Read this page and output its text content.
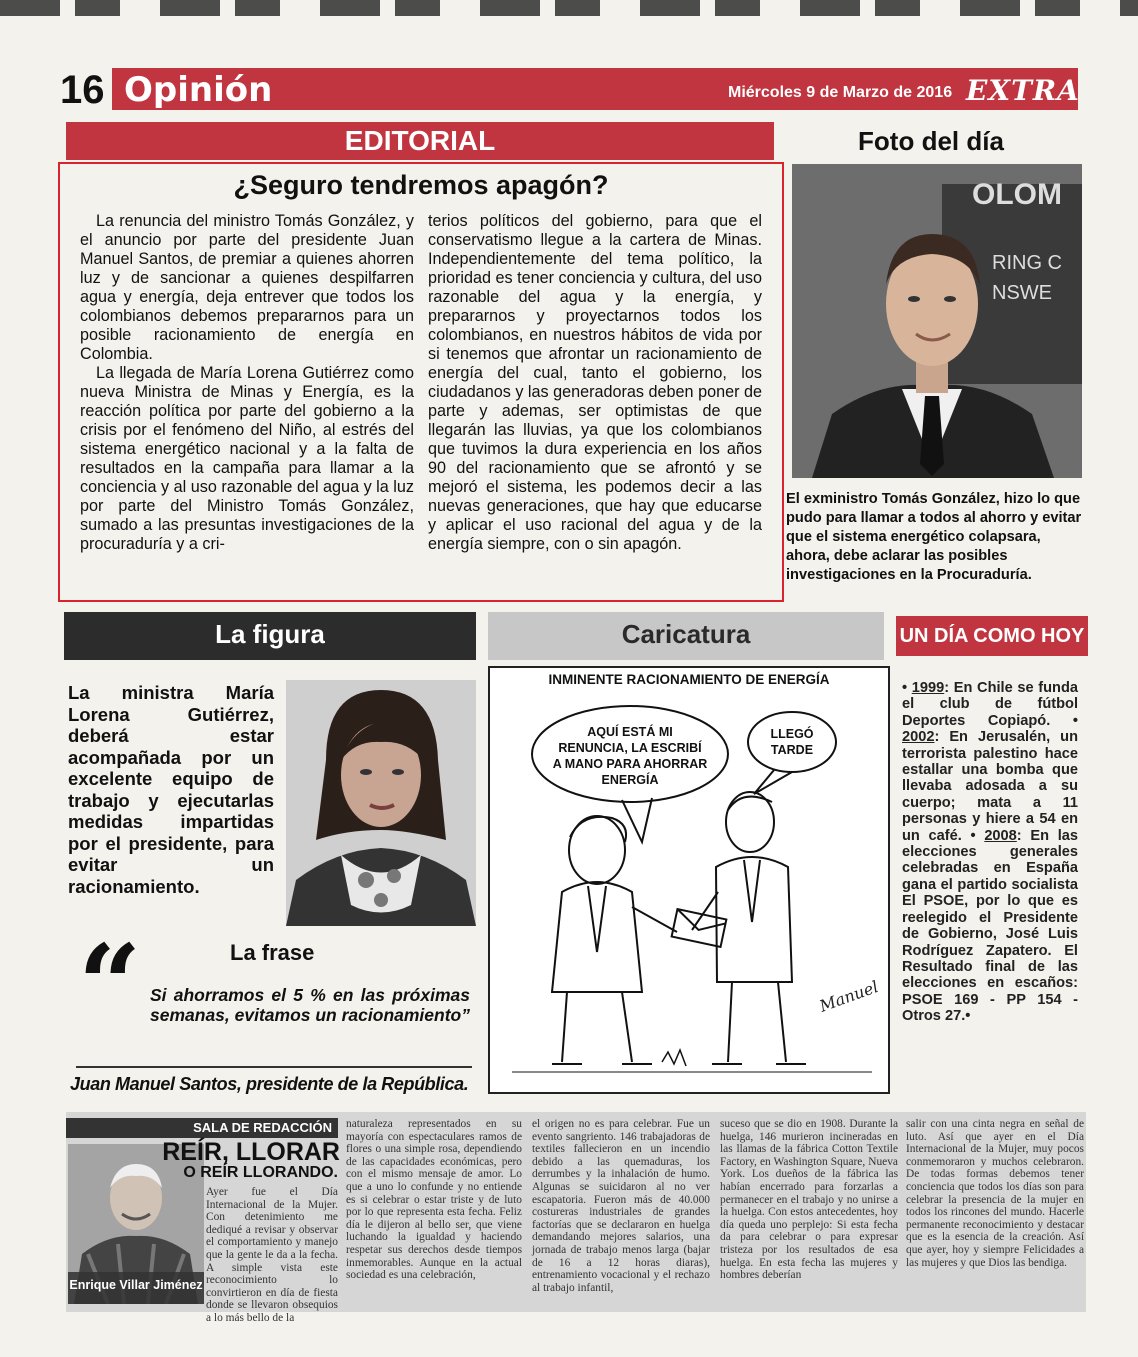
16 Opinión	Miércoles 9 de Marzo de 2016 EXTRA
EDITORIAL
¿Seguro tendremos apagón?

La renuncia del ministro Tomás González, y el anuncio por parte del presidente Juan Manuel Santos, de premiar a quienes ahorren luz y de sancionar a quienes despilfarren agua y energía, deja entrever que todos los colombianos debemos prepararnos para un posible racionamiento de energía en Colombia.

La llegada de María Lorena Gutiérrez como nueva Ministra de Minas y Energía, es la reacción política por parte del gobierno a la crisis por el fenómeno del Niño, al estrés del sistema energético nacional y a la falta de resultados en la campaña para llamar a la conciencia y al uso razonable del agua y la luz por parte del Ministro Tomás González, sumado a las presuntas investigaciones de la procuraduría y a cri-

terios políticos del gobierno, para que el conservatismo llegue a la cartera de Minas. Independientemente del tema político, la prioridad es tener conciencia y cultura, del uso razonable del agua y la energía, y prepararnos y proyectarnos todos los colombianos, en nuestros hábitos de vida por si tenemos que afrontar un racionamiento de energía del cual, tanto el gobierno, los ciudadanos y las generadoras deben poner de parte y ademas, ser optimistas de que llegarán las lluvias, ya que los colombianos que tuvimos la dura experiencia en los años 90 del racionamiento que se afrontó y se mejoró el sistema, les podemos decir a las nuevas generaciones, que hay que educarse y aplicar el uso racional del agua y de la energía siempre, con o sin apagón.
Foto del día
OLOM
RING C
NSWE
El exministro Tomás González, hizo lo que pudo para llamar a todos al ahorro y evitar que el sistema energético colapsara, ahora, debe aclarar las posibles investigaciones en la Procuraduría.
La figura
La ministra María Lorena Gutiérrez, deberá estar acompañada por un excelente equipo de trabajo y ejecutarlas medidas impartidas por el presidente, para evitar un racionamiento.
“	La frase
Si ahorramos el 5 % en las próximas semanas, evitamos un racionamiento”
Juan Manuel Santos, presidente de la República.
Caricatura
INMINENTE RACIONAMIENTO DE ENERGÍA
AQUÍ ESTÁ MI
RENUNCIA, LA ESCRIBÍ
A MANO PARA AHORRAR
ENERGÍA
LLEGÓ
TARDE
Manuel
UN DÍA COMO HOY
• 1999: En Chile se funda el club de fútbol Deportes Copiapó. • 2002: En Jerusalén, un terrorista palestino hace estallar una bomba que llevaba adosada a su cuerpo; mata a 11 personas y hiere a 54 en un café. • 2008: En las elecciones generales celebradas en España gana el partido socialista El PSOE, por lo que es reelegido el Presidente de Gobierno, José Luis Rodríguez Zapatero. El Resultado final de las elecciones en escaños: PSOE 169 - PP 154 - Otros 27.•
SALA DE REDACCIÓN
Enrique Villar Jiménez
REÍR, LLORAR
O REÍR LLORANDO.
Ayer fue el Día Internacional de la Mujer. Con detenimiento me dediqué a revisar y observar el comportamiento y manejo que la gente le da a la fecha. A simple vista este reconocimiento lo convirtieron en día de fiesta donde se llevaron obsequios a lo más bello de la
naturaleza representados en su mayoría con espectaculares ramos de flores o una simple rosa, dependiendo de las capacidades económicas, pero con el mismo mensaje de amor. Lo que a uno lo confunde y no entiende es si celebrar o estar triste y de luto por lo que representa esta fecha. Feliz día le dijeron al bello ser, que viene luchando la igualdad y haciendo respetar sus derechos desde tiempos inmemorables. Aunque en la actual sociedad es una celebración,
el origen no es para celebrar. Fue un evento sangriento. 146 trabajadoras de textiles fallecieron en un incendio debido a las quemaduras, los derrumbes y la inhalación de humo. Algunas se suicidaron al no ver escapatoria. Fueron más de 40.000 costureras industriales de grandes factorías que se declararon en huelga demandando mejores salarios, una jornada de trabajo menos larga (bajar de 16 a 12 horas diaras), entrenamiento vocacional y el rechazo al trabajo infantil,
suceso que se dio en 1908. Durante la huelga, 146 murieron incineradas en las llamas de la fábrica Cotton Textile Factory, en Washington Square, Nueva York. Los dueños de la fábrica las habían encerrado para forzarlas a permanecer en el trabajo y no unirse a la huelga. Con estos antecedentes, hoy día queda uno perplejo: Si esta fecha da para celebrar o para expresar tristeza por los resultados de esa huelga. En esta fecha las mujeres y hombres deberían
salir con una cinta negra en señal de luto. Así que ayer en el Día Internacional de la Mujer, muy pocos conmemoraron y muchos celebraron. De todas formas debemos tener conciencia que todos los días son para celebrar la presencia de la mujer en todos los rincones del mundo. Hacerle permanente reconocimiento y destacar que es la esencia de la creación. Así que ayer, hoy y siempre Felicidades a las mujeres y que Dios las bendiga.
